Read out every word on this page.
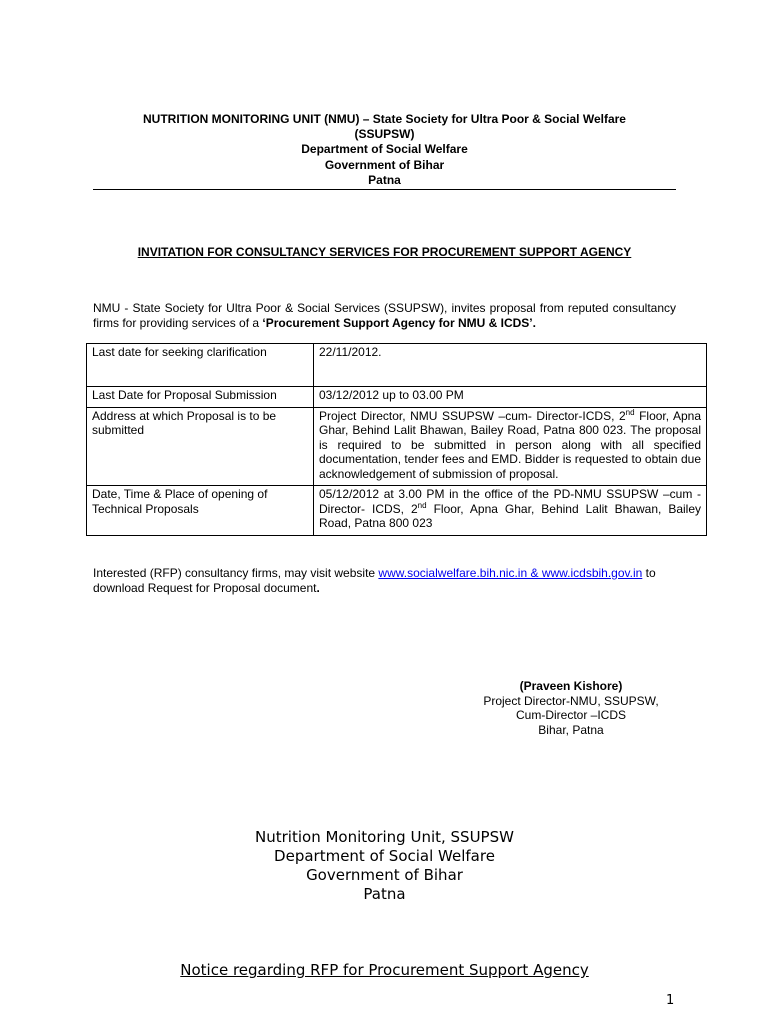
NUTRITION MONITORING UNIT (NMU) – State Society for Ultra Poor & Social Welfare
(SSUPSW)
Department of Social Welfare
Government of Bihar
Patna
INVITATION FOR CONSULTANCY SERVICES FOR PROCUREMENT SUPPORT AGENCY
NMU - State Society for Ultra Poor & Social Services (SSUPSW), invites proposal from reputed consultancy firms for providing services of a ‘Procurement Support Agency for NMU & ICDS’.
Last date for seeking clarification	22/11/2012.
Last Date for Proposal Submission	03/12/2012 up to 03.00 PM
Address at which Proposal is to be submitted	Project Director, NMU SSUPSW –cum- Director-ICDS, 2nd Floor, Apna Ghar, Behind Lalit Bhawan, Bailey Road, Patna 800 023. The proposal is required to be submitted in person along with all specified documentation, tender fees and EMD. Bidder is requested to obtain due acknowledgement of submission of proposal.
Date, Time & Place of opening of Technical Proposals	05/12/2012 at 3.00 PM in the office of the PD-NMU SSUPSW –cum - Director- ICDS, 2nd Floor, Apna Ghar, Behind Lalit Bhawan, Bailey Road, Patna 800 023
Interested (RFP) consultancy firms, may visit website www.socialwelfare.bih.nic.in & www.icdsbih.gov.in to download Request for Proposal document.
(Praveen Kishore)
Project Director-NMU, SSUPSW,
Cum-Director –ICDS
Bihar, Patna
Nutrition Monitoring Unit, SSUPSW
Department of Social Welfare
Government of Bihar
Patna
Notice regarding RFP for Procurement Support Agency
1
